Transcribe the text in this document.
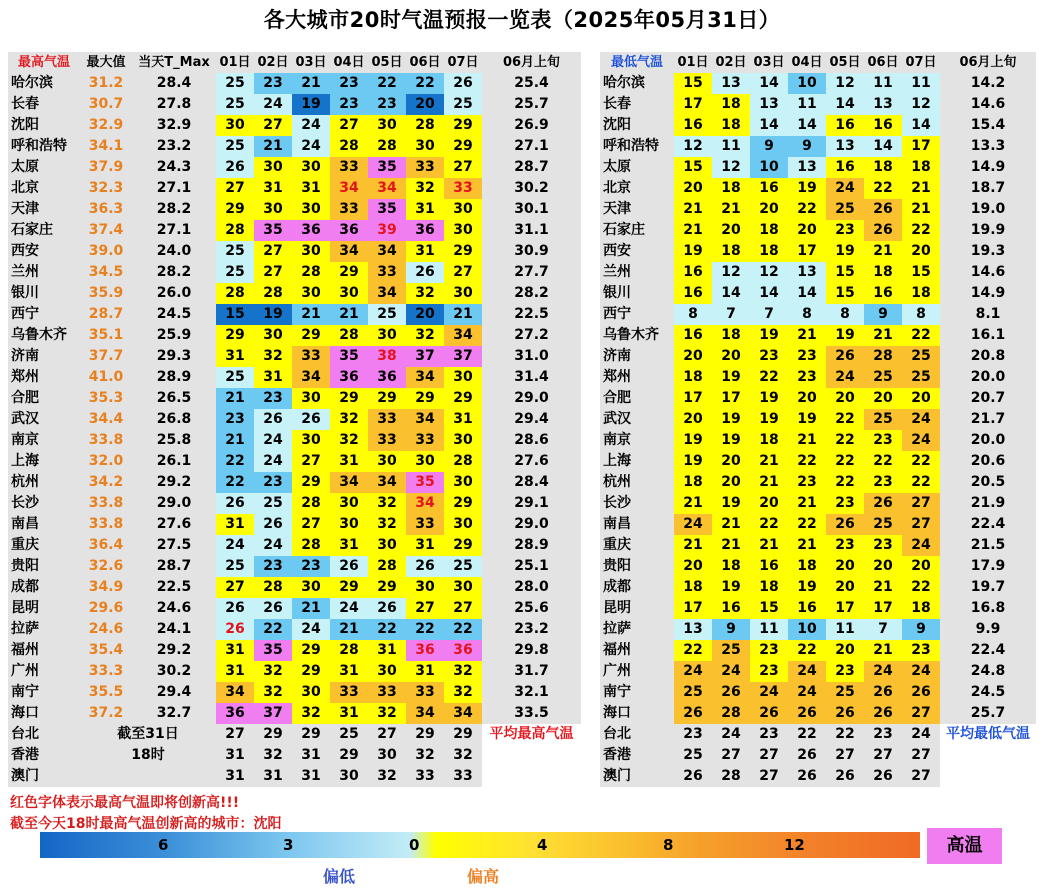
各大城市20时气温预报一览表（2025年05月31日）
最高气温	最大值	当天T_Max	01日	02日	03日	04日	05日	06日	07日	06月上旬
哈尔滨	31.2	28.4	25	23	21	23	22	22	26	25.4
长春	30.7	27.8	25	24	19	23	23	20	25	25.7
沈阳	32.9	32.9	30	27	24	27	30	28	29	26.9
呼和浩特	34.1	23.2	25	21	24	28	28	30	29	27.1
太原	37.9	24.3	26	30	30	33	35	33	27	28.7
北京	32.3	27.1	27	31	31	34	34	32	33	30.2
天津	36.3	28.2	29	30	30	33	35	31	30	30.1
石家庄	37.4	27.1	28	35	36	36	39	36	30	31.1
西安	39.0	24.0	25	27	30	34	34	31	29	30.9
兰州	34.5	28.2	25	27	28	29	33	26	27	27.7
银川	35.9	26.0	28	28	30	30	34	32	30	28.2
西宁	28.7	24.5	15	19	21	21	25	20	21	22.5
乌鲁木齐	35.1	25.9	29	30	29	28	30	32	34	27.2
济南	37.7	29.3	31	32	33	35	38	37	37	31.0
郑州	41.0	28.9	25	31	34	36	36	34	30	31.4
合肥	35.3	26.5	21	23	30	29	29	29	29	29.0
武汉	34.4	26.8	23	26	26	32	33	34	31	29.4
南京	33.8	25.8	21	24	30	32	33	33	30	28.6
上海	32.0	26.1	22	24	27	31	30	30	28	27.6
杭州	34.2	29.2	22	23	29	34	34	35	30	28.4
长沙	33.8	29.0	26	25	28	30	32	34	29	29.1
南昌	33.8	27.6	31	26	27	30	32	33	30	29.0
重庆	36.4	27.5	24	24	28	31	30	31	29	28.9
贵阳	32.6	28.7	25	23	23	26	28	26	25	25.1
成都	34.9	22.5	27	28	30	29	29	30	30	28.0
昆明	29.6	24.6	26	26	21	24	26	27	27	25.6
拉萨	24.6	24.1	26	22	24	21	22	22	22	23.2
福州	35.4	29.2	31	35	29	28	31	36	36	29.8
广州	33.3	30.2	31	32	29	31	30	31	32	31.7
南宁	35.5	29.4	34	32	30	33	33	33	32	32.1
海口	37.2	32.7	36	37	32	31	32	34	34	33.5
台北	截至31日		27	29	29	25	27	29	29	平均最高气温
香港	18时		31	32	31	29	30	32	32	
澳门			31	31	31	30	32	33	33	
最低气温	01日	02日	03日	04日	05日	06日	07日	06月上旬
哈尔滨	15	13	14	10	12	11	11	14.2
长春	17	18	13	11	14	13	12	14.6
沈阳	16	18	14	14	16	16	14	15.4
呼和浩特	12	11	9	9	13	14	17	13.3
太原	15	12	10	13	16	18	18	14.9
北京	20	18	16	19	24	22	21	18.7
天津	21	21	20	22	25	26	21	19.0
石家庄	21	20	18	20	23	26	22	19.9
西安	19	18	18	17	19	21	20	19.3
兰州	16	12	12	13	15	18	15	14.6
银川	16	14	14	14	15	16	18	14.9
西宁	8	7	7	8	8	9	8	8.1
乌鲁木齐	16	18	19	21	19	21	22	16.1
济南	20	20	23	23	26	28	25	20.8
郑州	18	19	22	23	24	25	25	20.0
合肥	17	17	19	20	20	20	20	20.7
武汉	20	19	19	19	22	25	24	21.7
南京	19	19	18	21	22	23	24	20.0
上海	19	20	21	22	22	22	22	20.6
杭州	18	20	21	23	22	23	22	20.5
长沙	21	19	20	21	23	26	27	21.9
南昌	24	21	22	22	26	25	27	22.4
重庆	21	21	21	21	23	23	24	21.5
贵阳	20	18	16	18	20	20	20	17.9
成都	18	19	18	19	20	21	22	19.7
昆明	17	16	15	16	17	17	18	16.8
拉萨	13	9	11	10	11	7	9	9.9
福州	22	25	23	22	20	21	23	22.4
广州	24	24	23	24	23	24	24	24.8
南宁	25	26	24	24	25	26	26	24.5
海口	26	28	26	26	26	26	27	25.7
台北	23	24	23	22	22	23	24	平均最低气温
香港	25	27	27	26	27	27	27	
澳门	26	28	27	26	26	26	27	
红色字体表示最高气温即将创新高!!!
截至今天18时最高气温创新高的城市：沈阳
6	3	0	4	8	12	高温
偏低	偏高
